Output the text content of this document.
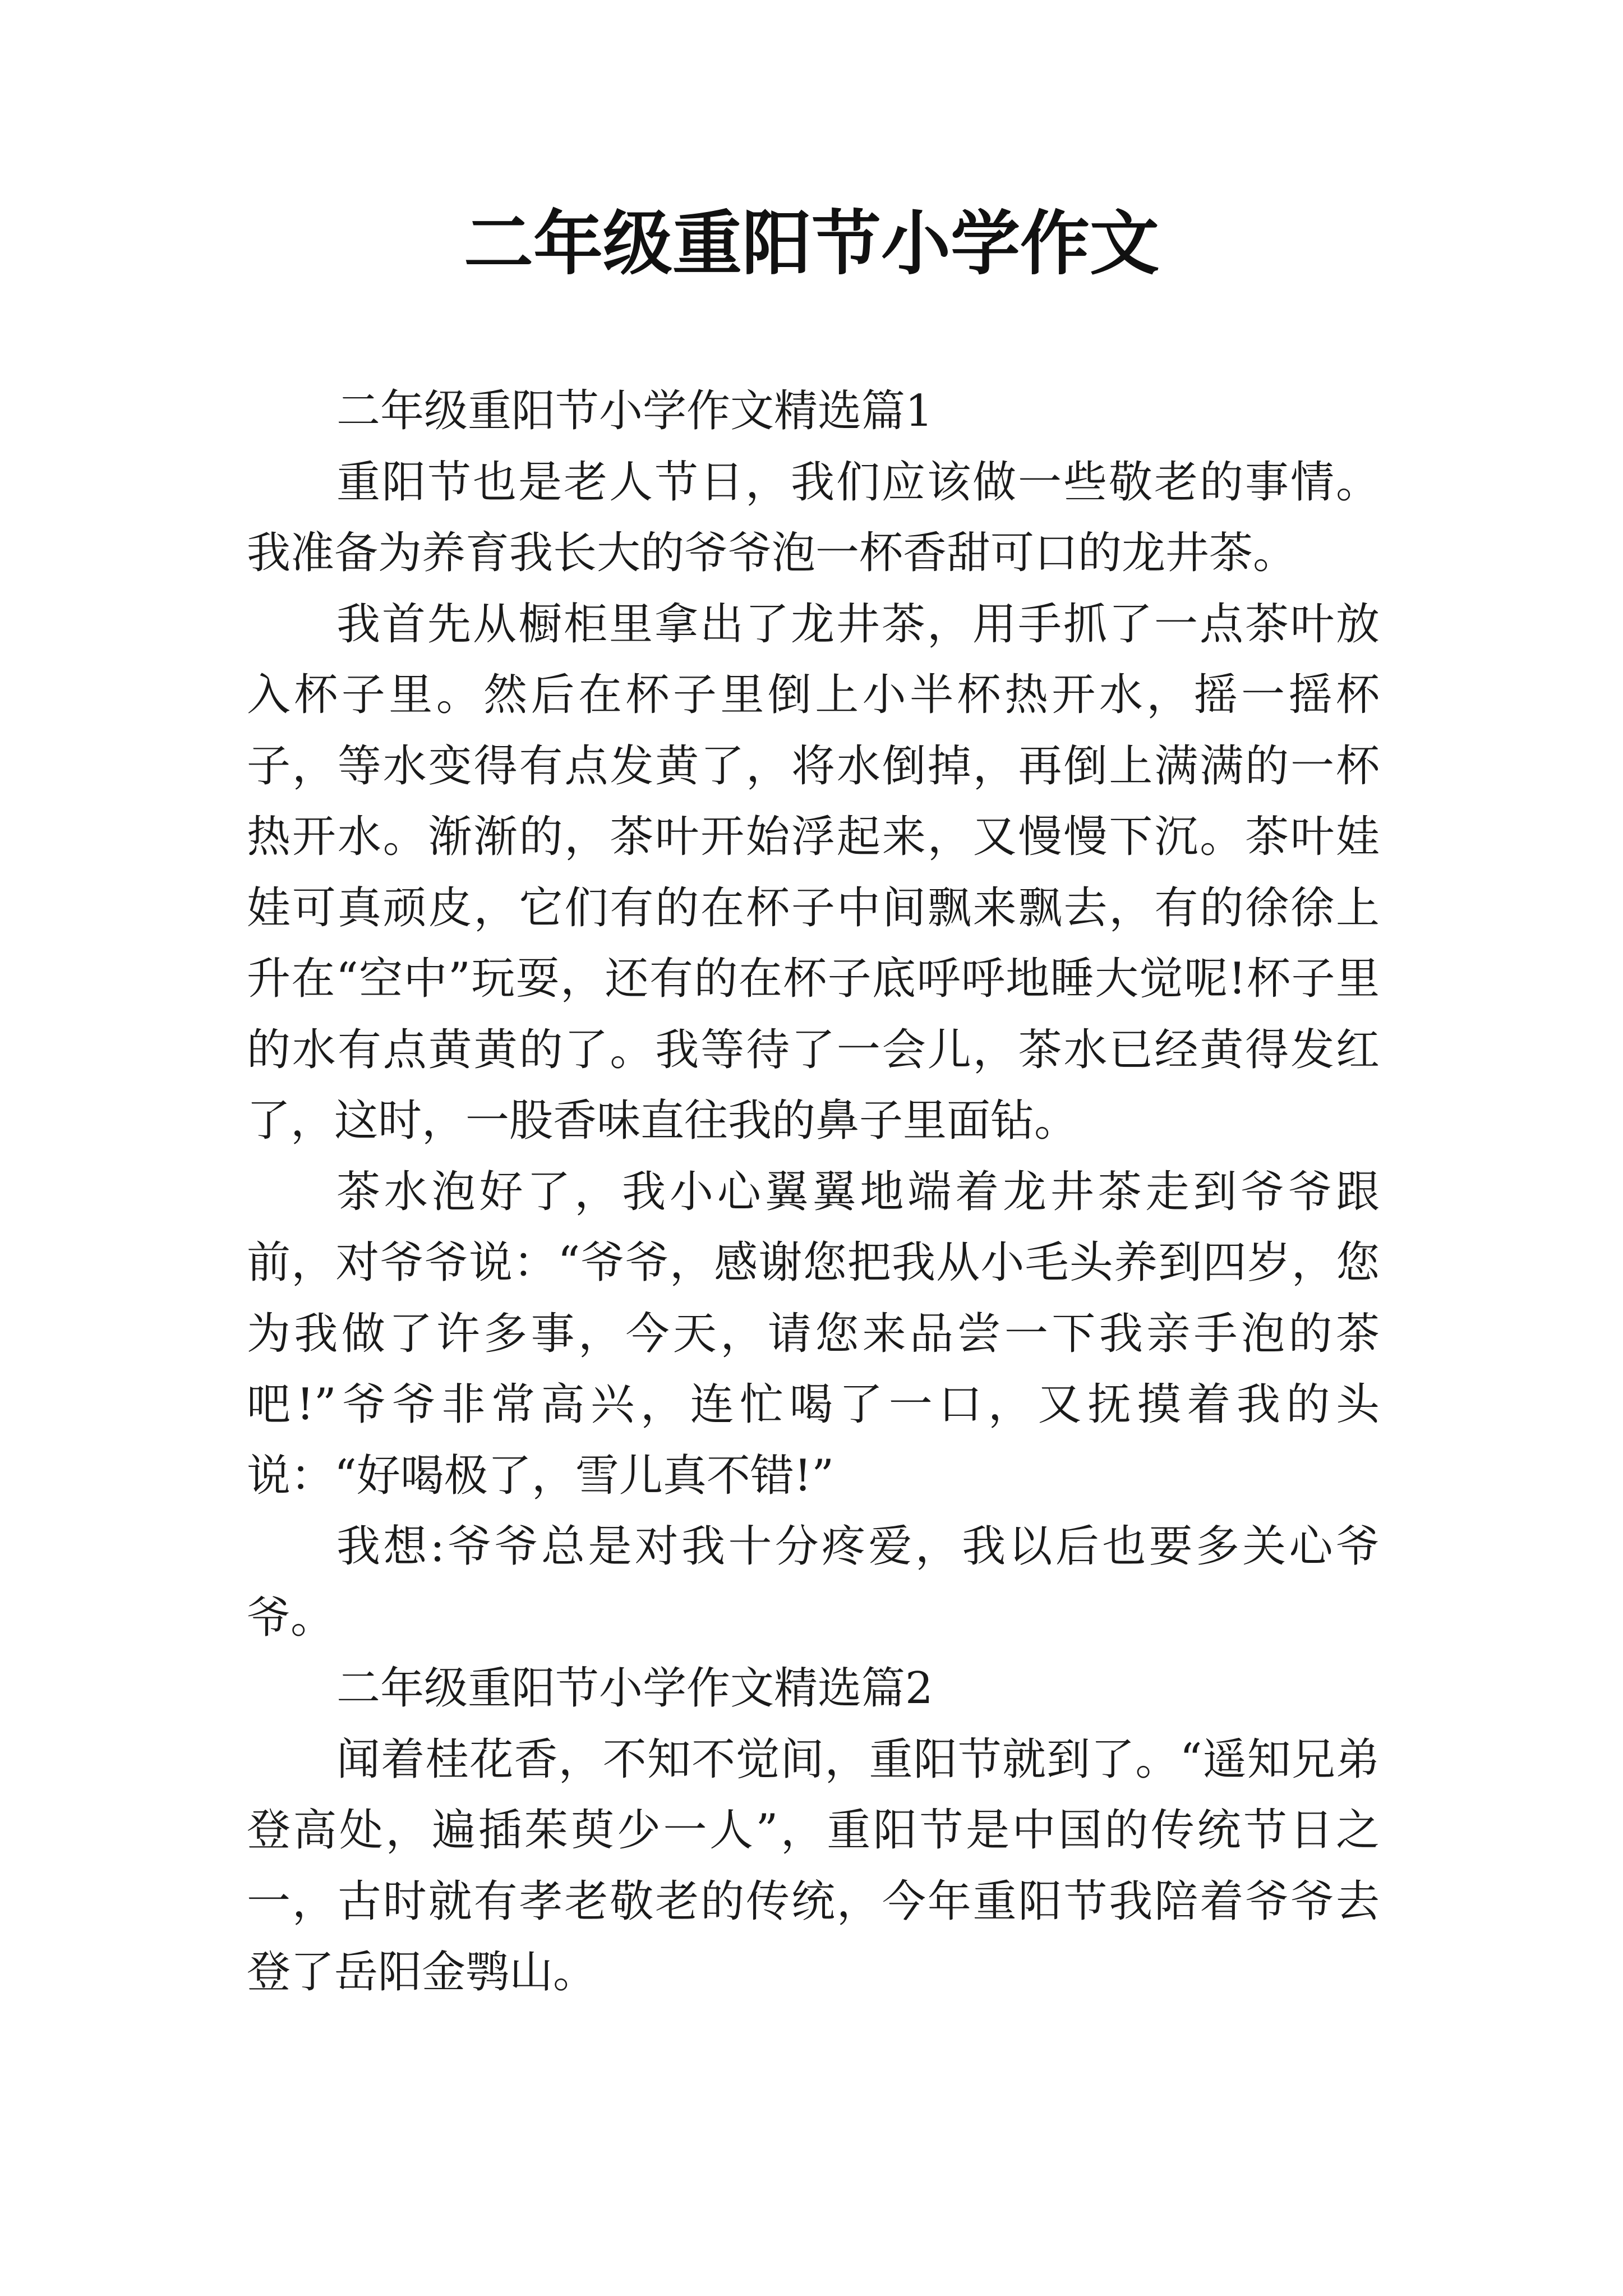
二年级重阳节小学作文

二年级重阳节小学作文精选篇1

重阳节也是老人节日，我们应该做一些敬老的事情。我准备为养育我长大的爷爷泡一杯香甜可口的龙井茶。

我首先从橱柜里拿出了龙井茶，用手抓了一点茶叶放入杯子里。然后在杯子里倒上小半杯热开水，摇一摇杯子，等水变得有点发黄了，将水倒掉，再倒上满满的一杯热开水。渐渐的，茶叶开始浮起来，又慢慢下沉。茶叶娃娃可真顽皮，它们有的在杯子中间飘来飘去，有的徐徐上升在“空中”玩耍，还有的在杯子底呼呼地睡大觉呢!杯子里的水有点黄黄的了。我等待了一会儿，茶水已经黄得发红了，这时，一股香味直往我的鼻子里面钻。

茶水泡好了，我小心翼翼地端着龙井茶走到爷爷跟前，对爷爷说：“爷爷，感谢您把我从小毛头养到四岁，您为我做了许多事，今天，请您来品尝一下我亲手泡的茶吧!”爷爷非常高兴，连忙喝了一口，又抚摸着我的头说：“好喝极了，雪儿真不错!”

我想:爷爷总是对我十分疼爱，我以后也要多关心爷爷。

二年级重阳节小学作文精选篇2

闻着桂花香，不知不觉间，重阳节就到了。“遥知兄弟登高处，遍插茱萸少一人”，重阳节是中国的传统节日之一，古时就有孝老敬老的传统，今年重阳节我陪着爷爷去登了岳阳金鹗山。
